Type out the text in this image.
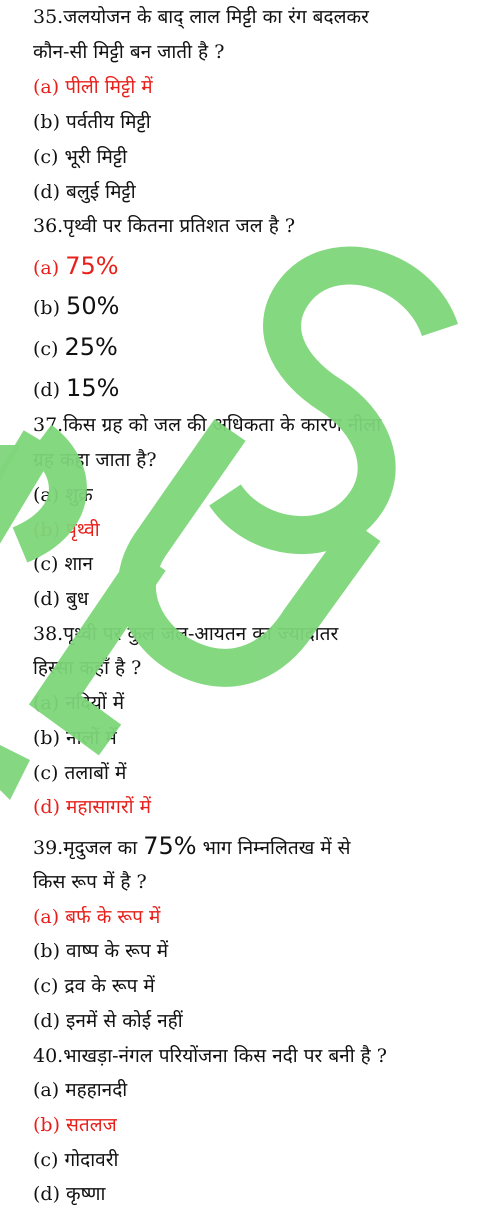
35.जलयोजन के बाद् लाल मिट्टी का रंग बदलकर
कौन-सी मिट्टी बन जाती है ?
(a) पीली मिट्टी में
(b) पर्वतीय मिट्टी
(c) भूरी मिट्टी
(d) बलुई मिट्टी
36.पृथ्वी पर कितना प्रतिशत जल है ?
(a) 75%
(b) 50%
(c) 25%
(d) 15%
37.किस ग्रह को जल की अधिकता के कारण नीला
ग्रह कहा जाता है?
(a) शुक्र
(b) पृथ्वी
(c) शान
(d) बुध
38.पृथ्वी पर कुल जल-आयतन का ज्यादातर
हिस्सा कहाँ है ?
(a) नदियों में
(b) नालों में
(c) तलाबों में
(d) महासागरों में
39.मृदुजल का 75% भाग निम्नलितख में से
किस रूप में है ?
(a) बर्फ के रूप में
(b) वाष्प के रूप में
(c) द्रव के रूप में
(d) इनमें से कोई नहीं
40.भाखड़ा-नंगल परियोंजना किस नदी पर बनी है ?
(a) महहानदी
(b) सतलज
(c) गोदावरी
(d) कृष्णा
